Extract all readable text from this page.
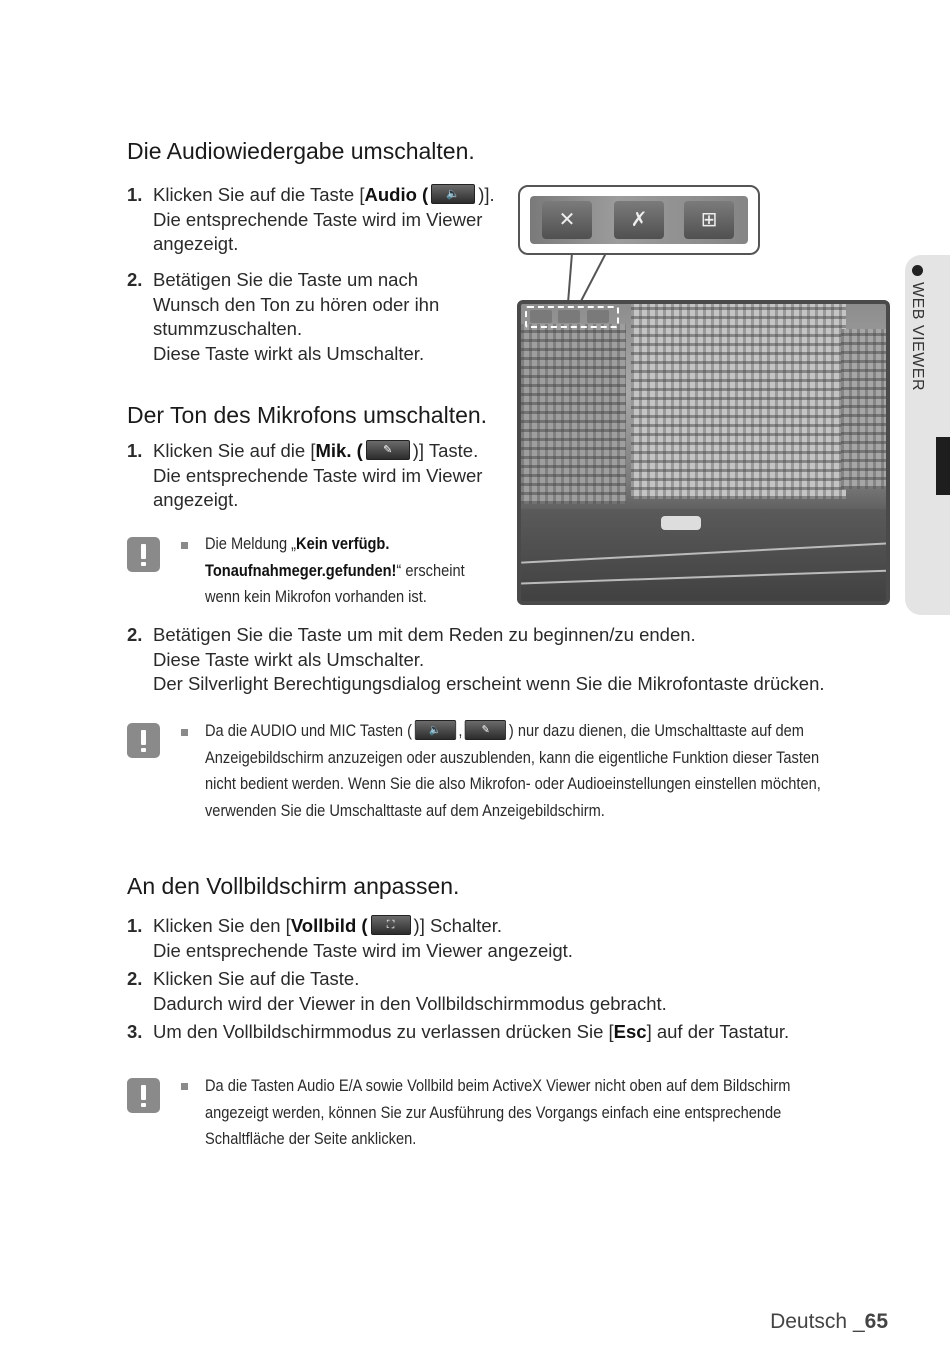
WEB VIEWER
Die Audiowiedergabe umschalten.
1. Klicken Sie auf die Taste [Audio ( 🔈 )].
Die entsprechende Taste wird im Viewer
angezeigt.
2. Betätigen Sie die Taste um nach
Wunsch den Ton zu hören oder ihn
stummzuschalten.
Diese Taste wirkt als Umschalter.
✕	✗	⊞
Der Ton des Mikrofons umschalten.
1. Klicken Sie auf die [Mik. ( ✎ )] Taste.
Die entsprechende Taste wird im Viewer
angezeigt.
Die Meldung „Kein verfügb.
Tonaufnahmeger.gefunden!“ erscheint
wenn kein Mikrofon vorhanden ist.
2. Betätigen Sie die Taste um mit dem Reden zu beginnen/zu enden.
Diese Taste wirkt als Umschalter.
Der Silverlight Berechtigungsdialog erscheint wenn Sie die Mikrofontaste drücken.
Da die AUDIO und MIC Tasten ( 🔈 , ✎ ) nur dazu dienen, die Umschalttaste auf dem
Anzeigebildschirm anzuzeigen oder auszublenden, kann die eigentliche Funktion dieser Tasten
nicht bedient werden. Wenn Sie die also Mikrofon- oder Audioeinstellungen einstellen möchten,
verwenden Sie die Umschalttaste auf dem Anzeigebildschirm.
An den Vollbildschirm anpassen.
1. Klicken Sie den [Vollbild ( ⛶ )] Schalter.
Die entsprechende Taste wird im Viewer angezeigt.
2. Klicken Sie auf die Taste.
Dadurch wird der Viewer in den Vollbildschirmmodus gebracht.
3. Um den Vollbildschirmmodus zu verlassen drücken Sie [Esc] auf der Tastatur.
Da die Tasten Audio E/A sowie Vollbild beim ActiveX Viewer nicht oben auf dem Bildschirm
angezeigt werden, können Sie zur Ausführung des Vorgangs einfach eine entsprechende
Schaltfläche der Seite anklicken.
Deutsch _65
